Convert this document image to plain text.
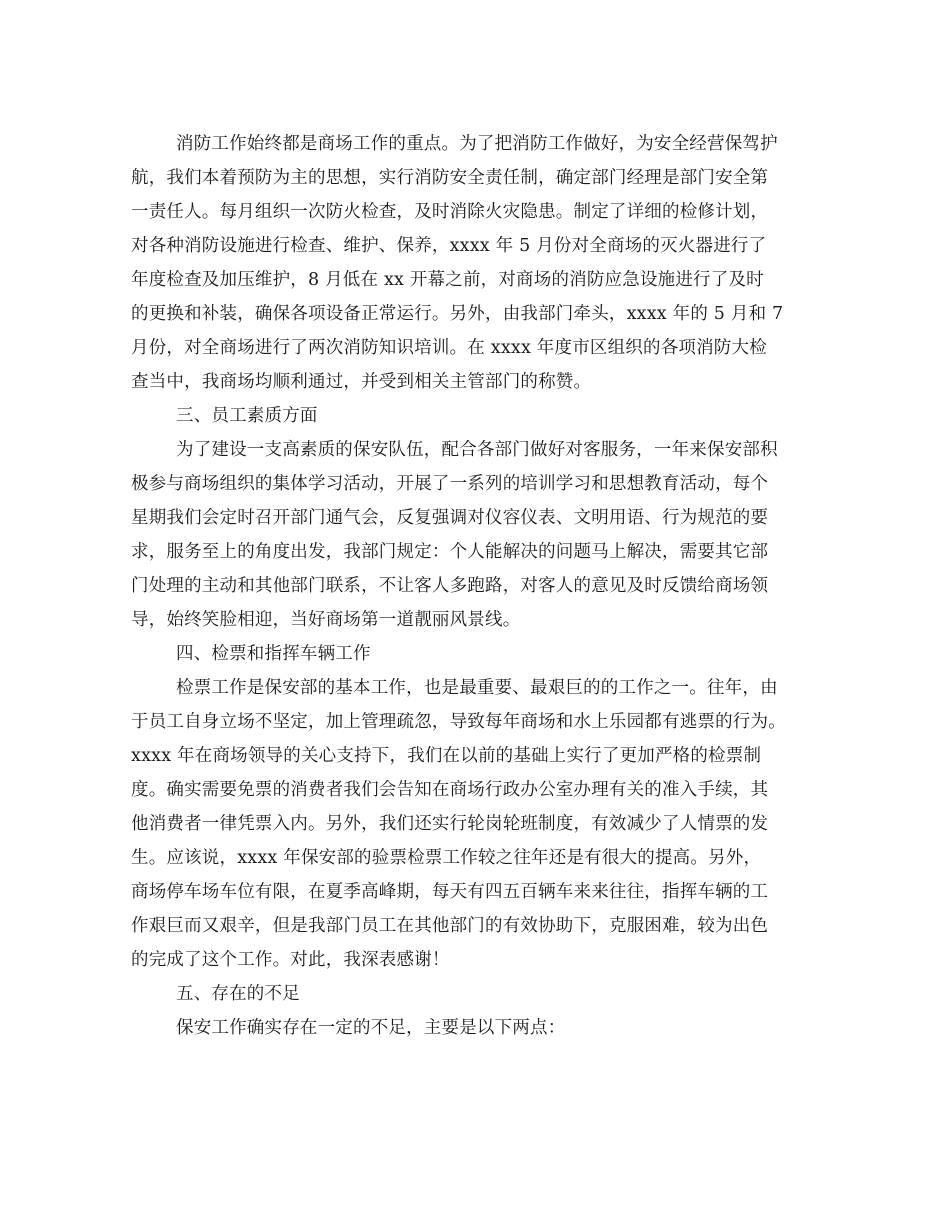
消防工作始终都是商场工作的重点。为了把消防工作做好，为安全经营保驾护
航，我们本着预防为主的思想，实行消防安全责任制，确定部门经理是部门安全第
一责任人。每月组织一次防火检查，及时消除火灾隐患。制定了详细的检修计划，
对各种消防设施进行检查、维护、保养，xxxx 年 5 月份对全商场的灭火器进行了
年度检查及加压维护，8 月低在 xx 开幕之前，对商场的消防应急设施进行了及时
的更换和补装，确保各项设备正常运行。另外，由我部门牵头，xxxx 年的 5 月和 7
月份，对全商场进行了两次消防知识培训。在 xxxx 年度市区组织的各项消防大检
查当中，我商场均顺利通过，并受到相关主管部门的称赞。
三、员工素质方面
为了建设一支高素质的保安队伍，配合各部门做好对客服务，一年来保安部积
极参与商场组织的集体学习活动，开展了一系列的培训学习和思想教育活动，每个
星期我们会定时召开部门通气会，反复强调对仪容仪表、文明用语、行为规范的要
求，服务至上的角度出发，我部门规定：个人能解决的问题马上解决，需要其它部
门处理的主动和其他部门联系，不让客人多跑路，对客人的意见及时反馈给商场领
导，始终笑脸相迎，当好商场第一道靓丽风景线。
四、检票和指挥车辆工作
检票工作是保安部的基本工作，也是最重要、最艰巨的的工作之一。往年，由
于员工自身立场不坚定，加上管理疏忽，导致每年商场和水上乐园都有逃票的行为。
xxxx 年在商场领导的关心支持下，我们在以前的基础上实行了更加严格的检票制
度。确实需要免票的消费者我们会告知在商场行政办公室办理有关的准入手续，其
他消费者一律凭票入内。另外，我们还实行轮岗轮班制度，有效减少了人情票的发
生。应该说，xxxx 年保安部的验票检票工作较之往年还是有很大的提高。另外，
商场停车场车位有限，在夏季高峰期，每天有四五百辆车来来往往，指挥车辆的工
作艰巨而又艰辛，但是我部门员工在其他部门的有效协助下，克服困难，较为出色
的完成了这个工作。对此，我深表感谢！
五、存在的不足
保安工作确实存在一定的不足，主要是以下两点：
